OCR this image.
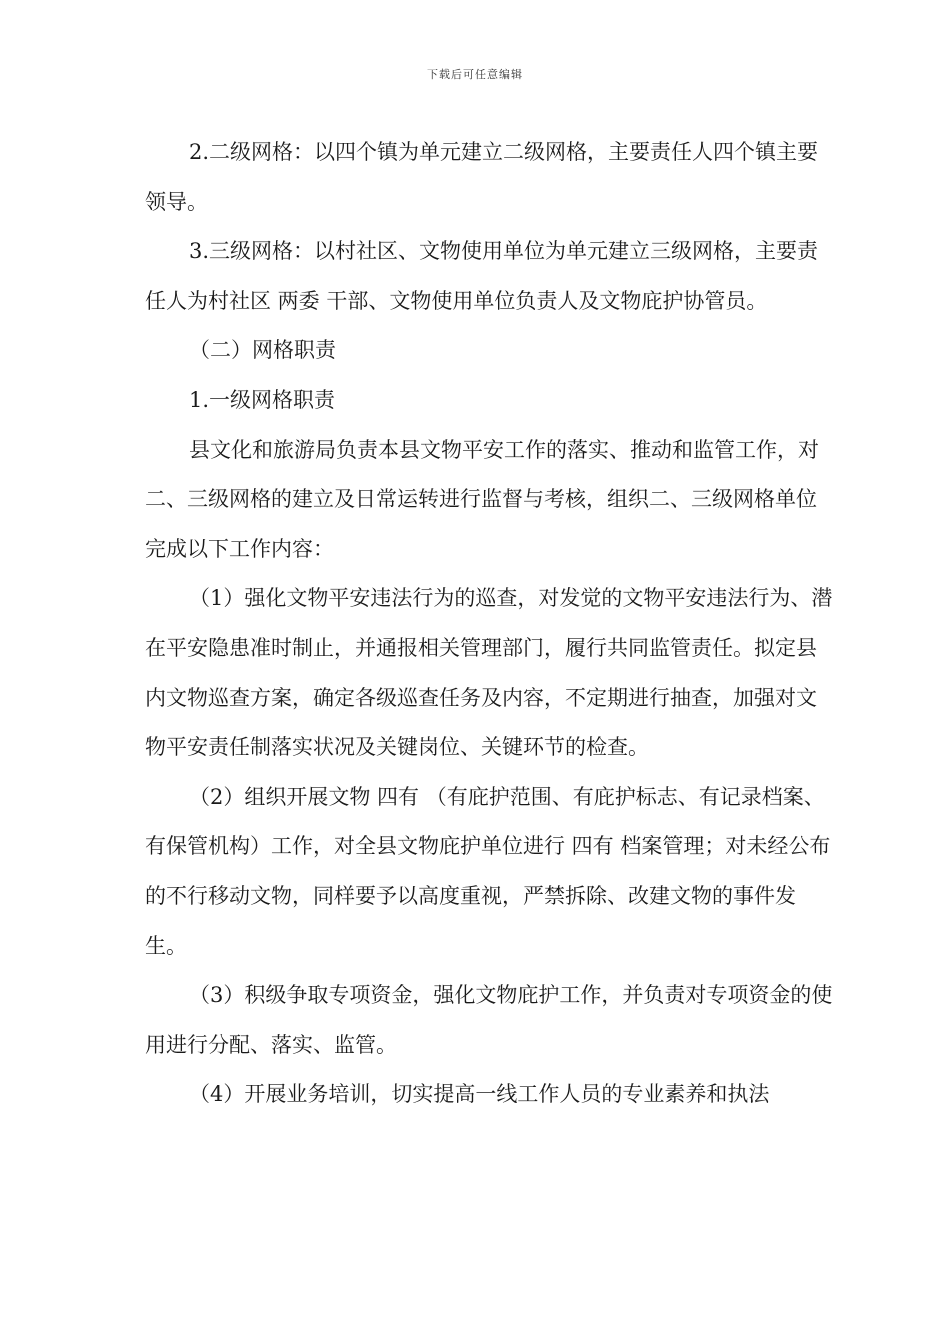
下载后可任意编辑

2.二级网格：以四个镇为单元建立二级网格，主要责任人四个镇主要领导。

3.三级网格：以村社区、文物使用单位为单元建立三级网格，主要责任人为村社区 两委 干部、文物使用单位负责人及文物庇护协管员。

（二）网格职责

1.一级网格职责

县文化和旅游局负责本县文物平安工作的落实、推动和监管工作，对二、三级网格的建立及日常运转进行监督与考核，组织二、三级网格单位完成以下工作内容：

（1）强化文物平安违法行为的巡查，对发觉的文物平安违法行为、潜在平安隐患准时制止，并通报相关管理部门，履行共同监管责任。拟定县内文物巡查方案，确定各级巡查任务及内容，不定期进行抽查，加强对文物平安责任制落实状况及关键岗位、关键环节的检查。

（2）组织开展文物 四有 （有庇护范围、有庇护标志、有记录档案、有保管机构）工作，对全县文物庇护单位进行 四有 档案管理；对未经公布的不行移动文物，同样要予以高度重视，严禁拆除、改建文物的事件发生。

（3）积级争取专项资金，强化文物庇护工作，并负责对专项资金的使用进行分配、落实、监管。

（4）开展业务培训，切实提高一线工作人员的专业素养和执法
